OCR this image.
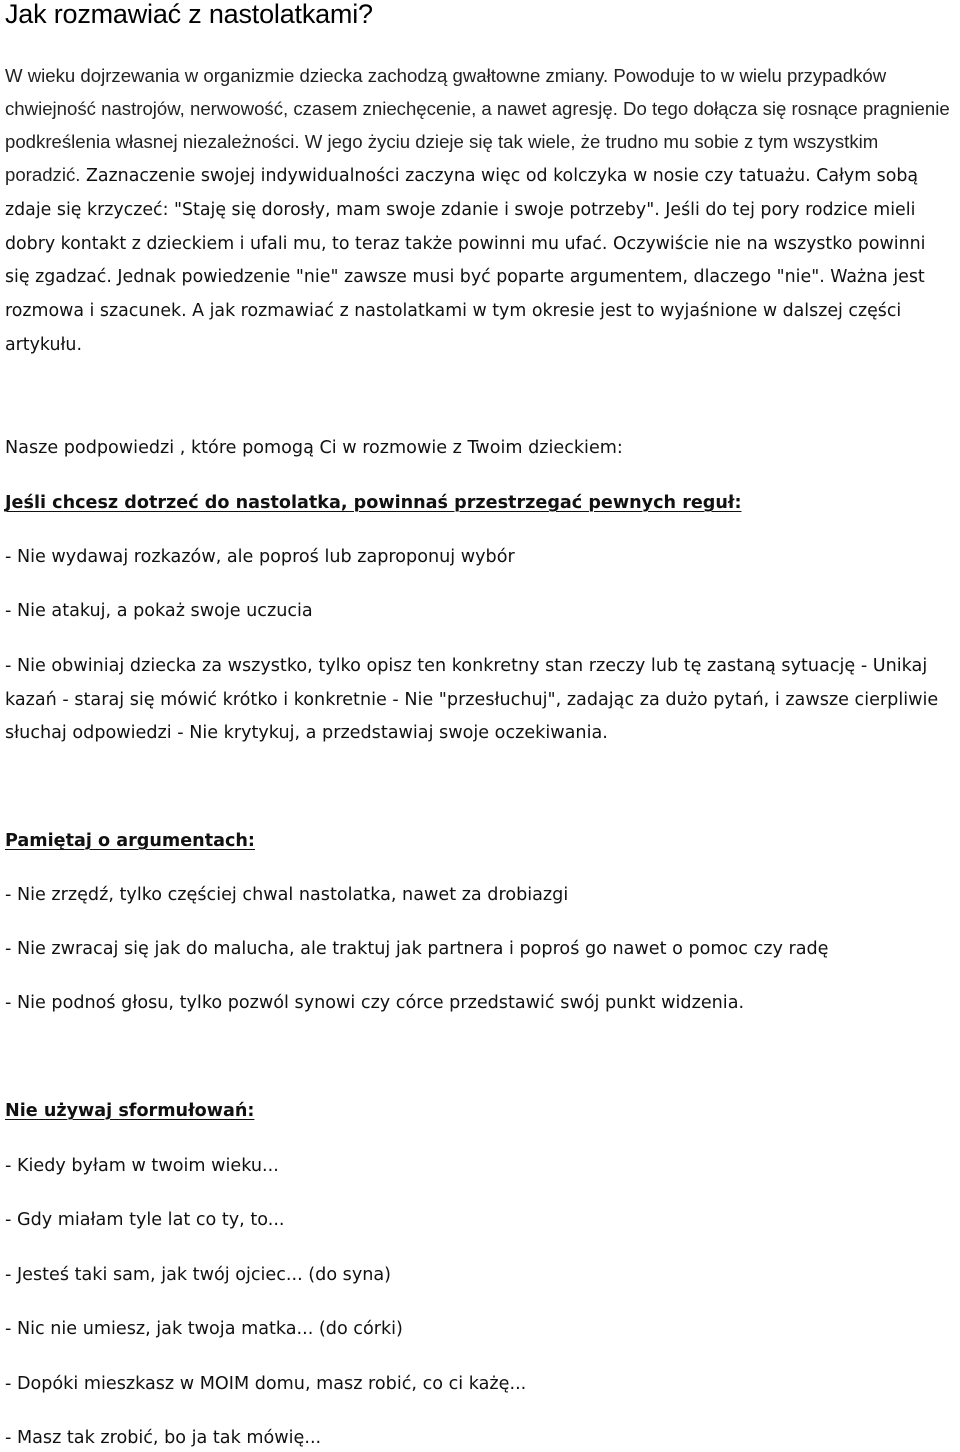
Jak rozmawiać z nastolatkami?

W wieku dojrzewania w organizmie dziecka zachodzą gwałtowne zmiany. Powoduje to w wielu przypadków chwiejność nastrojów, nerwowość, czasem zniechęcenie, a nawet agresję. Do tego dołącza się rosnące pragnienie podkreślenia własnej niezależności. W jego życiu dzieje się tak wiele, że trudno mu sobie z tym wszystkim poradzić. Zaznaczenie swojej indywidualności zaczyna więc od kolczyka w nosie czy tatuażu. Całym sobą zdaje się krzyczeć: "Staję się dorosły, mam swoje zdanie i swoje potrzeby". Jeśli do tej pory rodzice mieli dobry kontakt z dzieckiem i ufali mu, to teraz także powinni mu ufać. Oczywiście nie na wszystko powinni się zgadzać. Jednak powiedzenie "nie" zawsze musi być poparte argumentem, dlaczego "nie". Ważna jest rozmowa i szacunek. A jak rozmawiać z nastolatkami w tym okresie jest to wyjaśnione w dalszej części artykułu.

Nasze podpowiedzi , które pomogą Ci w rozmowie z Twoim dzieckiem:

Jeśli chcesz dotrzeć do nastolatka, powinnaś przestrzegać pewnych reguł:

- Nie wydawaj rozkazów, ale poproś lub zaproponuj wybór

- Nie atakuj, a pokaż swoje uczucia

- Nie obwiniaj dziecka za wszystko, tylko opisz ten konkretny stan rzeczy lub tę zastaną sytuację - Unikaj kazań - staraj się mówić krótko i konkretnie - Nie "przesłuchuj", zadając za dużo pytań, i zawsze cierpliwie słuchaj odpowiedzi - Nie krytykuj, a przedstawiaj swoje oczekiwania.

Pamiętaj o argumentach:

- Nie zrzędź, tylko częściej chwal nastolatka, nawet za drobiazgi

- Nie zwracaj się jak do malucha, ale traktuj jak partnera i poproś go nawet o pomoc czy radę

- Nie podnoś głosu, tylko pozwól synowi czy córce przedstawić swój punkt widzenia.

Nie używaj sformułowań:

- Kiedy byłam w twoim wieku...

- Gdy miałam tyle lat co ty, to...

- Jesteś taki sam, jak twój ojciec... (do syna)

- Nic nie umiesz, jak twoja matka... (do córki)

- Dopóki mieszkasz w MOIM domu, masz robić, co ci każę...

- Masz tak zrobić, bo ja tak mówię...
